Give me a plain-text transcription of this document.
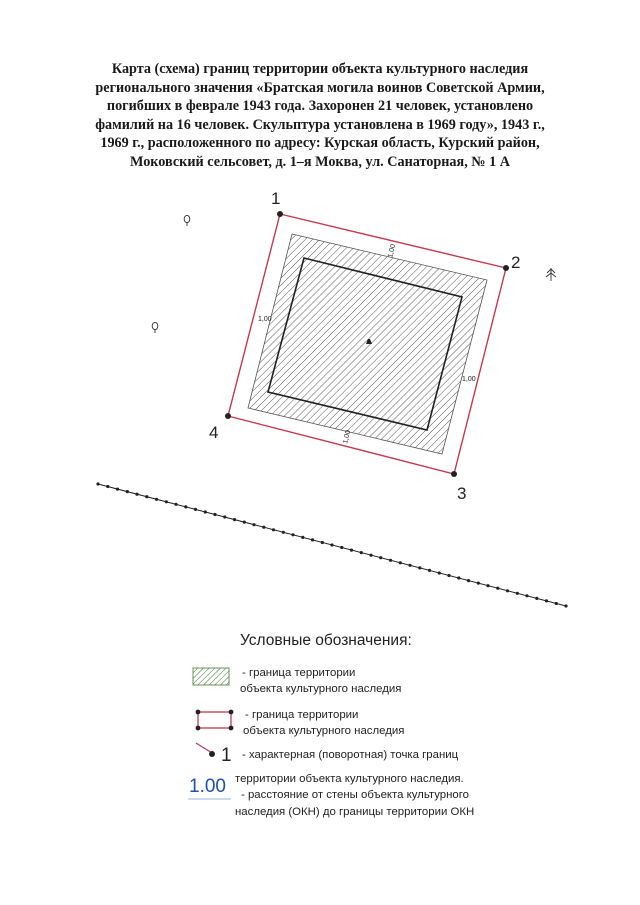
Карта (схема) границ территории объекта культурного наследия
регионального значения «Братская могила воинов Советской Армии,
погибших в феврале 1943 года. Захоронен 21 человек, установлено
фамилий на 16 человек. Скульптура установлена в 1969 году», 1943 г.,
1969 г., расположенного по адресу: Курская область, Курский район,
Моковский сельсовет, д. 1–я Моква, ул. Санаторная, № 1 А
1
2
3
4
1,00
1,00
1,00
1,00
1
Условные обозначения:
- граница территории
объекта культурного наследия
- граница территории
объекта культурного наследия
- характерная (поворотная) точка границ
территории объекта культурного наследия.
1.00 - расстояние от стены объекта культурного
наследия (ОКН) до границы территории ОКН
